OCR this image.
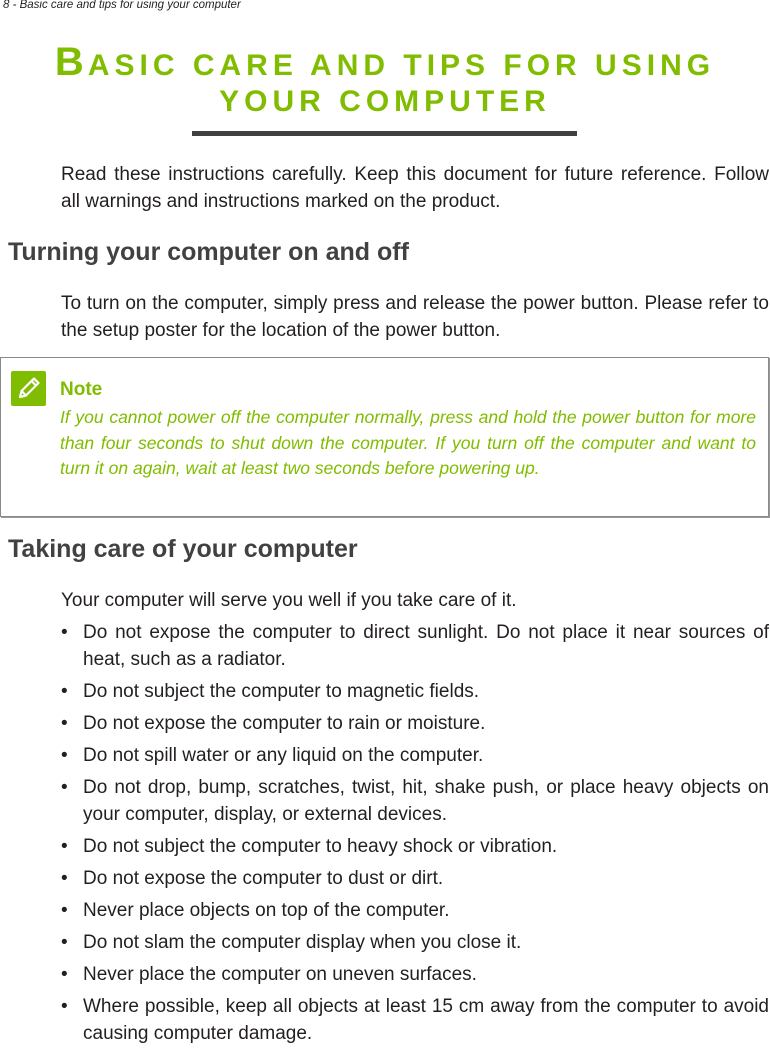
8 - Basic care and tips for using your computer
BASIC CARE AND TIPS FOR USING
YOUR COMPUTER

Read these instructions carefully. Keep this document for future reference. Follow all warnings and instructions marked on the product.

Turning your computer on and off

To turn on the computer, simply press and release the power button. Please refer to the setup poster for the location of the power button.

Note

If you cannot power off the computer normally, press and hold the power button for more than four seconds to shut down the computer. If you turn off the computer and want to turn it on again, wait at least two seconds before powering up.

Taking care of your computer

Your computer will serve you well if you take care of it.

• Do not expose the computer to direct sunlight. Do not place it near sources of heat, such as a radiator.
• Do not subject the computer to magnetic fields.
• Do not expose the computer to rain or moisture.
• Do not spill water or any liquid on the computer.
• Do not drop, bump, scratches, twist, hit, shake push, or place heavy objects on your computer, display, or external devices.
• Do not subject the computer to heavy shock or vibration.
• Do not expose the computer to dust or dirt.
• Never place objects on top of the computer.
• Do not slam the computer display when you close it.
• Never place the computer on uneven surfaces.
• Where possible, keep all objects at least 15 cm away from the computer to avoid causing computer damage.
